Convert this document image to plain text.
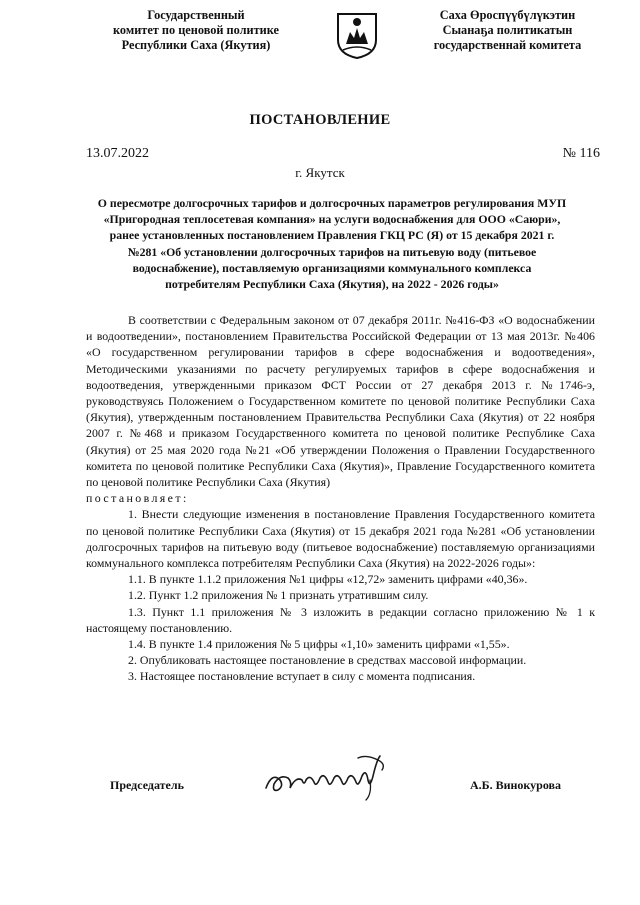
Государственный
комитет по ценовой политике
Республики Саха (Якутия)
Саха Өроспүүбүлүкэтин
Сыанаҕа политикатын
государственнай комитета
ПОСТАНОВЛЕНИЕ
13.07.2022	№ 116
г. Якутск
О пересмотре долгосрочных тарифов и долгосрочных параметров регулирования МУП
«Пригородная теплосетевая компания» на услуги водоснабжения для ООО «Саюри»,
ранее установленных постановлением Правления ГКЦ РС (Я) от 15 декабря 2021 г.
№281 «Об установлении долгосрочных тарифов на питьевую воду (питьевое
водоснабжение), поставляемую организациями коммунального комплекса
потребителям Республики Саха (Якутия), на 2022 - 2026 годы»

В соответствии с Федеральным законом от 07 декабря 2011г. №416-ФЗ «О водоснабжении и водоотведении», постановлением Правительства Российской Федерации от 13 мая 2013г. №406 «О государственном регулировании тарифов в сфере водоснабжения и водоотведения», Методическими указаниями по расчету регулируемых тарифов в сфере водоснабжения и водоотведения, утвержденными приказом ФСТ России от 27 декабря 2013 г. №1746-э, руководствуясь Положением о Государственном комитете по ценовой политике Республики Саха (Якутия), утвержденным постановлением Правительства Республики Саха (Якутия) от 22 ноября 2007 г. №468 и приказом Государственного комитета по ценовой политике Республике Саха (Якутия) от 25 мая 2020 года №21 «Об утверждении Положения о Правлении Государственного комитета по ценовой политике Республики Саха (Якутия)», Правление Государственного комитета по ценовой политике Республики Саха (Якутия)

постановляет:

1. Внести следующие изменения в постановление Правления Государственного комитета по ценовой политике Республики Саха (Якутия) от 15 декабря 2021 года №281 «Об установлении долгосрочных тарифов на питьевую воду (питьевое водоснабжение) поставляемую организациями коммунального комплекса потребителям Республики Саха (Якутия) на 2022-2026 годы»:

1.1. В пункте 1.1.2 приложения №1 цифры «12,72» заменить цифрами «40,36».

1.2. Пункт 1.2 приложения № 1 признать утратившим силу.

1.3. Пункт 1.1 приложения № 3 изложить в редакции согласно приложению № 1 к настоящему постановлению.

1.4. В пункте 1.4 приложения № 5 цифры «1,10» заменить цифрами «1,55».

2. Опубликовать настоящее постановление в средствах массовой информации.

3. Настоящее постановление вступает в силу с момента подписания.

Председатель	А.Б. Винокурова
